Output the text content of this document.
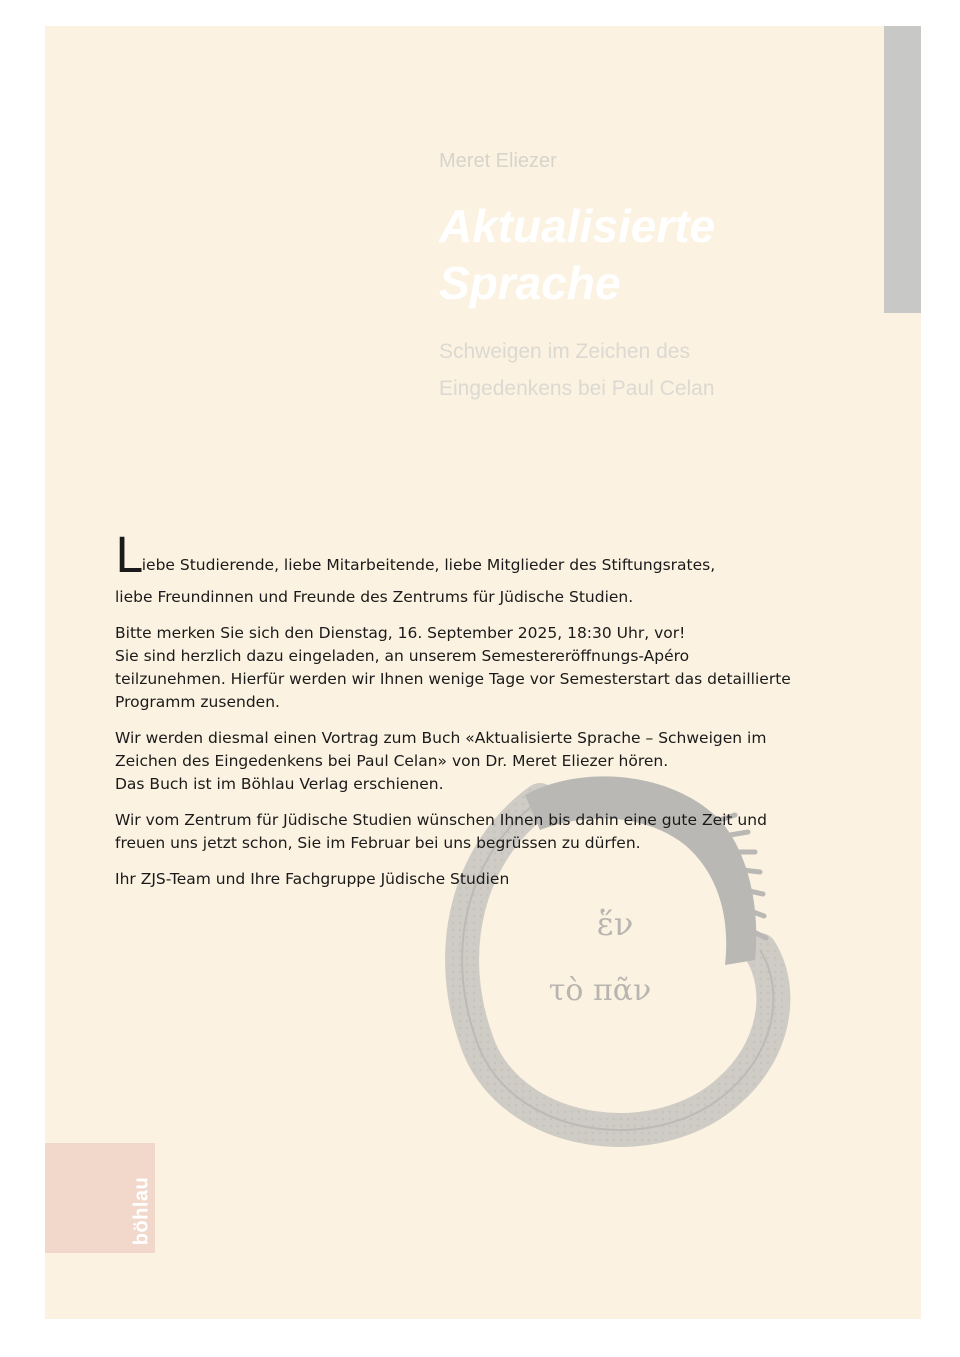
böhlau
Meret Eliezer
Aktualisierte
Sprache
Schweigen im Zeichen des
Eingedenkens bei Paul Celan
ἕν
τὸ πᾶν

Liebe Studierende, liebe Mitarbeitende, liebe Mitglieder des Stiftungsrates,
liebe Freundinnen und Freunde des Zentrums für Jüdische Studien.

Bitte merken Sie sich den Dienstag, 16. September 2025, 18:30 Uhr, vor!
Sie sind herzlich dazu eingeladen, an unserem Semestereröffnungs-Apéro
teilzunehmen. Hierfür werden wir Ihnen wenige Tage vor Semesterstart das detaillierte
Programm zusenden.

Wir werden diesmal einen Vortrag zum Buch «Aktualisierte Sprache – Schweigen im
Zeichen des Eingedenkens bei Paul Celan» von Dr. Meret Eliezer hören.
Das Buch ist im Böhlau Verlag erschienen.

Wir vom Zentrum für Jüdische Studien wünschen Ihnen bis dahin eine gute Zeit und
freuen uns jetzt schon, Sie im Februar bei uns begrüssen zu dürfen.

Ihr ZJS-Team und Ihre Fachgruppe Jüdische Studien
